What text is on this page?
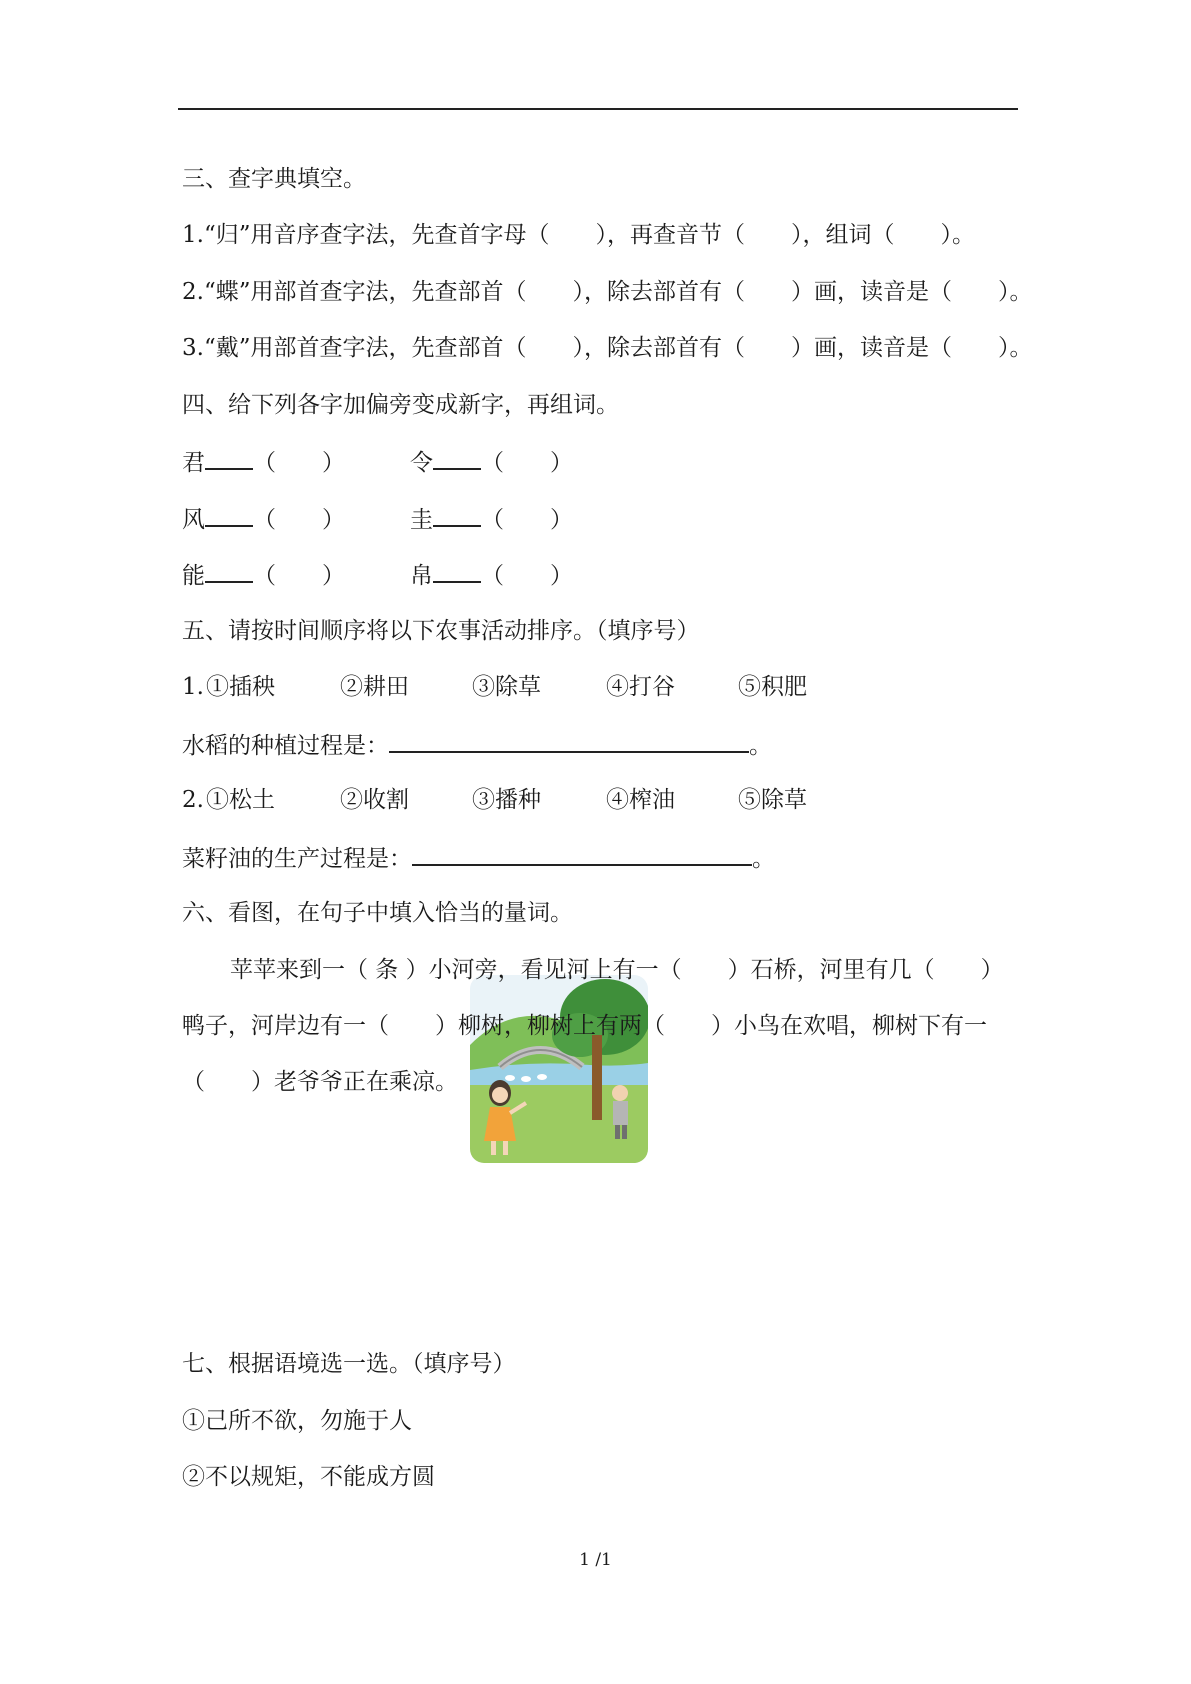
三、查字典填空。
1.“归”用音序查字法，先查首字母（　　），再查音节（　　），组词（　　）。
2.“蝶”用部首查字法，先查部首（　　），除去部首有（　　）画，读音是（　　）。
3.“戴”用部首查字法，先查部首（　　），除去部首有（　　）画，读音是（　　）。
四、给下列各字加偏旁变成新字，再组词。
君 （　　）	令 （　　）
风 （　　）	圭 （　　）
能 （　　）	帛 （　　）
五、请按时间顺序将以下农事活动排序。（填序号）
1. ①插秧	②耕田	③除草	④打谷	⑤积肥
水稻的种植过程是：	。
2. ①松土	②收割	③播种	④榨油	⑤除草
菜籽油的生产过程是：	。
六、看图，在句子中填入恰当的量词。
苹苹来到一（ 条 ）小河旁，看见河上有一（　　）石桥，河里有几（　　）
鸭子，河岸边有一（　　）柳树，柳树上有两（　　）小鸟在欢唱，柳树下有一
（　　）老爷爷正在乘凉。
七、根据语境选一选。（填序号）
①己所不欲，勿施于人
②不以规矩，不能成方圆
1 /1
